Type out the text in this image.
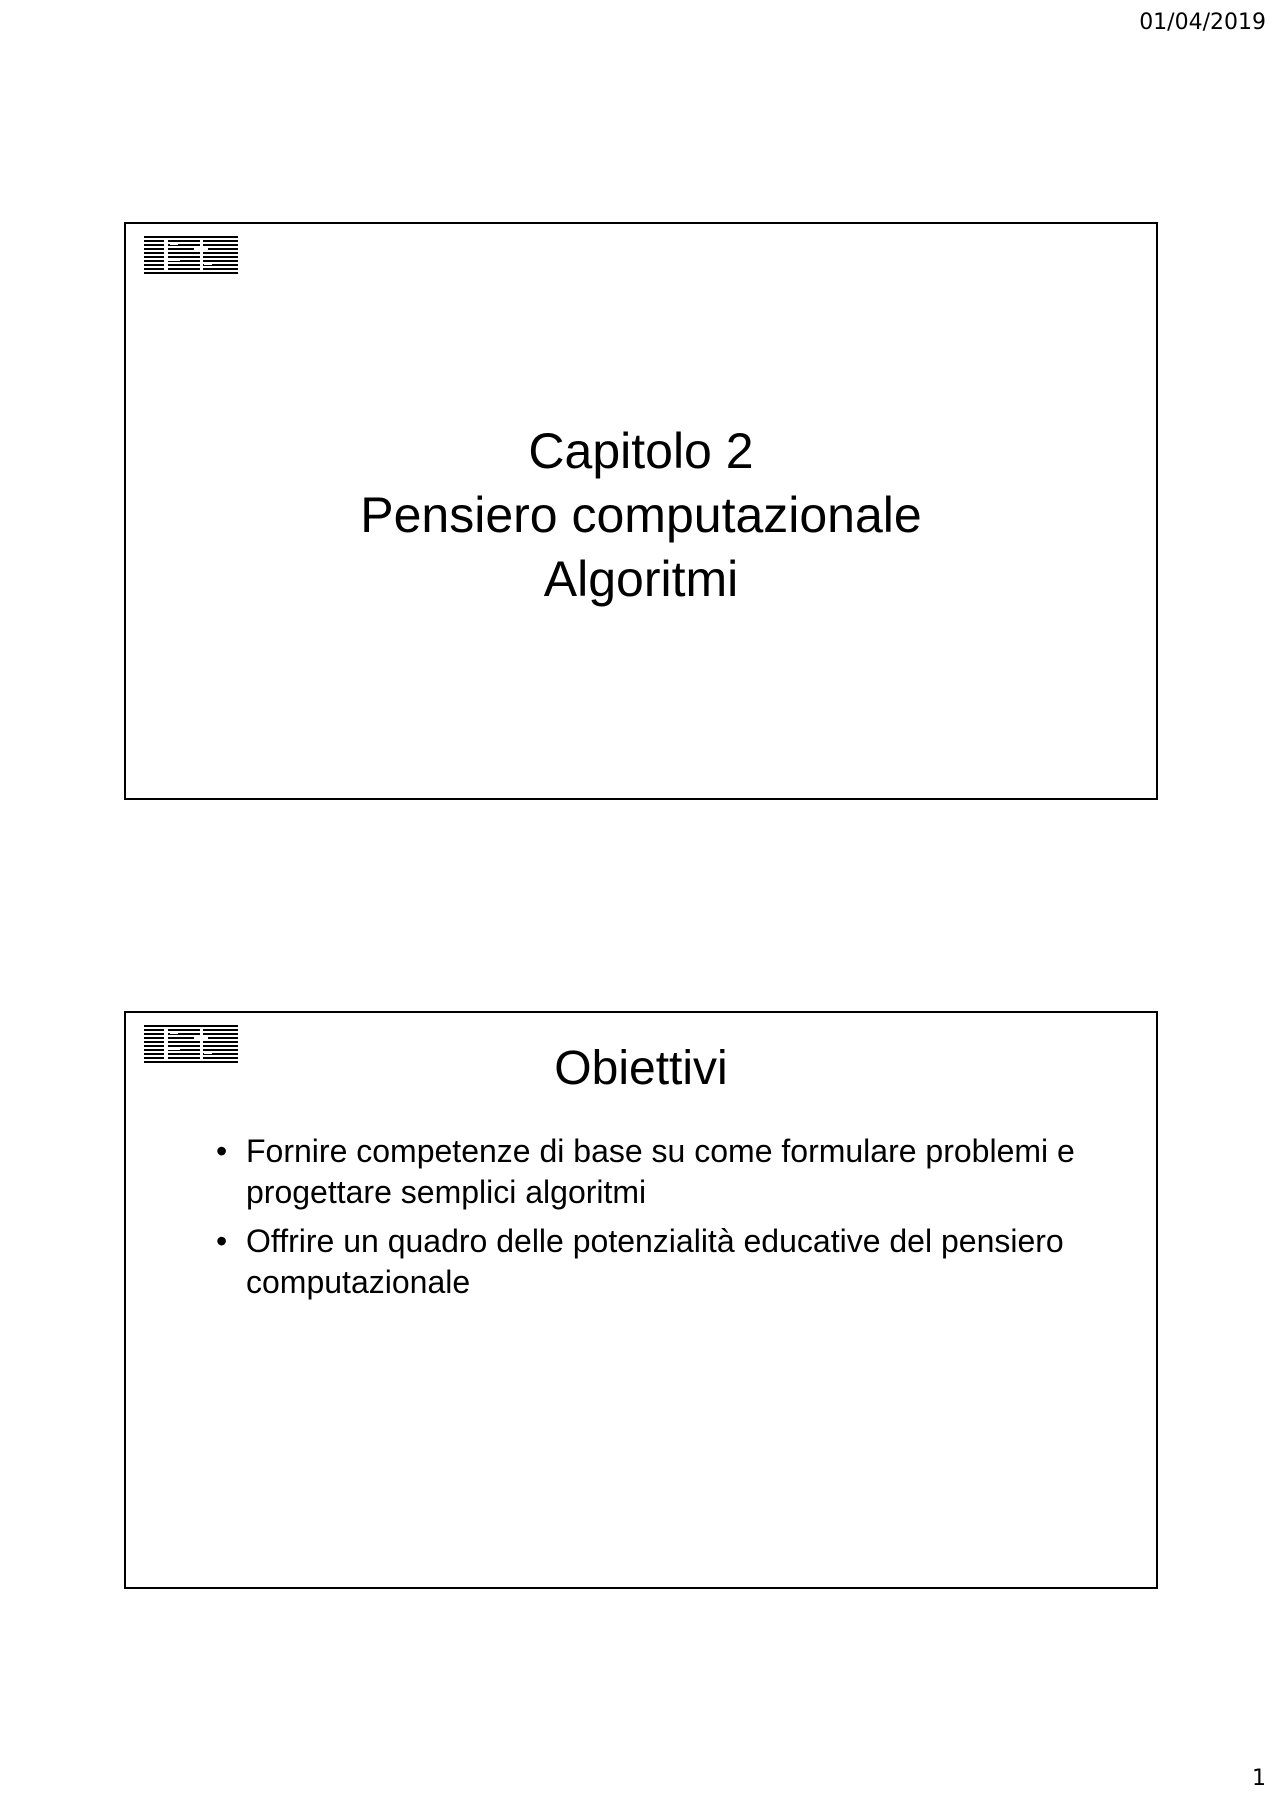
01/04/2019
Capitolo 2
Pensiero computazionale
Algoritmi
Obiettivi
• Fornire competenze di base su come formulare problemi e progettare semplici algoritmi
• Offrire un quadro delle potenzialità educative del pensiero computazionale
1
